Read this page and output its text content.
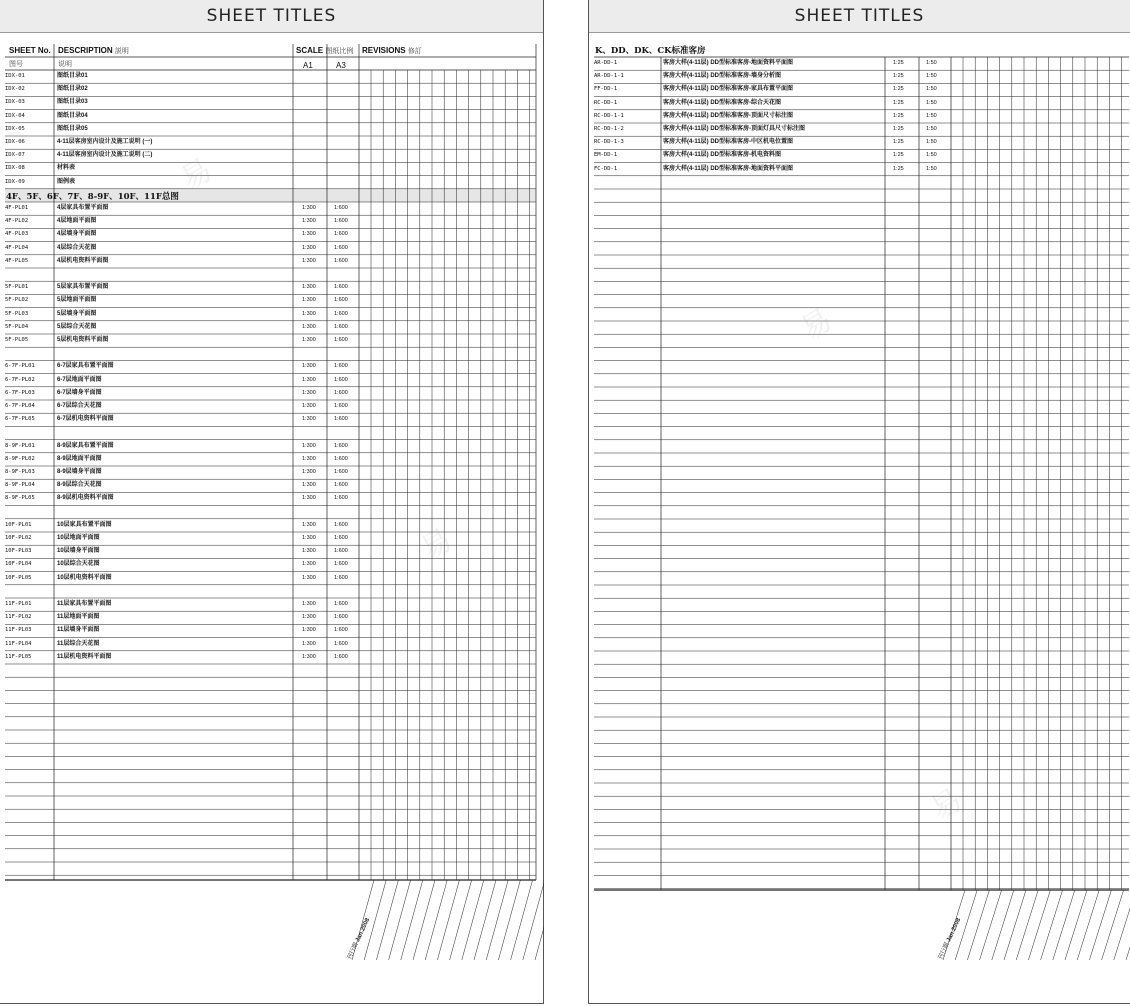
SHEET TITLES
SHEET No. DESCRIPTION 説明	SCALE 图纸比例 REVISIONS 修訂
图号	说明	A1	A3
IDX-01	图纸目录01
IDX-02	图纸目录02
IDX-03	图纸目录03
IDX-04	图纸目录04
IDX-05	图纸目录05
IDX-06	4-11层客房室内设计及施工说明 (一)
IDX-07	4-11层客房室内设计及施工说明 (二)
IDX-08	材料表
IDX-09	图例表
4F、5F、6F、7F、8-9F、10F、11F总图
4F-PL01	4层家具布置平面图	1:300	1:600
4F-PL02	4层地面平面图	1:300	1:600
4F-PL03	4层墙身平面图	1:300	1:600
4F-PL04	4层综合天花图	1:300	1:600
4F-PL05	4层机电资料平面图	1:300	1:600
5F-PL01	5层家具布置平面图	1:300	1:600
5F-PL02	5层地面平面图	1:300	1:600
5F-PL03	5层墙身平面图	1:300	1:600
5F-PL04	5层综合天花图	1:300	1:600
5F-PL05	5层机电资料平面图	1:300	1:600
6-7F-PL01	6-7层家具布置平面图	1:300	1:600
6-7F-PL02	6-7层地面平面图	1:300	1:600
6-7F-PL03	6-7层墙身平面图	1:300	1:600
6-7F-PL04	6-7层综合天花图	1:300	1:600
6-7F-PL05	6-7层机电资料平面图	1:300	1:600
8-9F-PL01	8-9层家具布置平面图	1:300	1:600
8-9F-PL02	8-9层地面平面图	1:300	1:600
8-9F-PL03	8-9层墙身平面图	1:300	1:600
8-9F-PL04	8-9层综合天花图	1:300	1:600
8-9F-PL05	8-9层机电资料平面图	1:300	1:600
10F-PL01	10层家具布置平面图	1:300	1:600
10F-PL02	10层地面平面图	1:300	1:600
10F-PL03	10层墙身平面图	1:300	1:600
10F-PL04	10层综合天花图	1:300	1:600
10F-PL05	10层机电资料平面图	1:300	1:600
11F-PL01	11层家具布置平面图	1:300	1:600
11F-PL02	11层地面平面图	1:300	1:600
11F-PL03	11层墙身平面图	1:300	1:600
11F-PL04	11层综合天花图	1:300	1:600
11F-PL05	11层机电资料平面图	1:300	1:600
刊行期 Jan.2008
SHEET TITLES
K、DD、DK、CK标准客房
AR-DD-1	客房大样(4-11层) DD型标准客房-地面资料平面图	1:25	1:50
AR-DD-1-1	客房大样(4-11层) DD型标准客房-墙身分析图	1:25	1:50
FF-DD-1	客房大样(4-11层) DD型标准客房-家具布置平面图	1:25	1:50
RC-DD-1	客房大样(4-11层) DD型标准客房-综合天花图	1:25	1:50
RC-DD-1-1	客房大样(4-11层) DD型标准客房-顶面尺寸标注图	1:25	1:50
RC-DD-1-2	客房大样(4-11层) DD型标准客房-顶面灯具尺寸标注图	1:25	1:50
RC-DD-1-3	客房大样(4-11层) DD型标准客房-中区机电位置图	1:25	1:50
EM-DD-1	客房大样(4-11层) DD型标准客房-机电资料图	1:25	1:50
FC-DD-1	客房大样(4-11层) DD型标准客房-地面资料平面图	1:25	1:50
刊行期 Jan.2008
